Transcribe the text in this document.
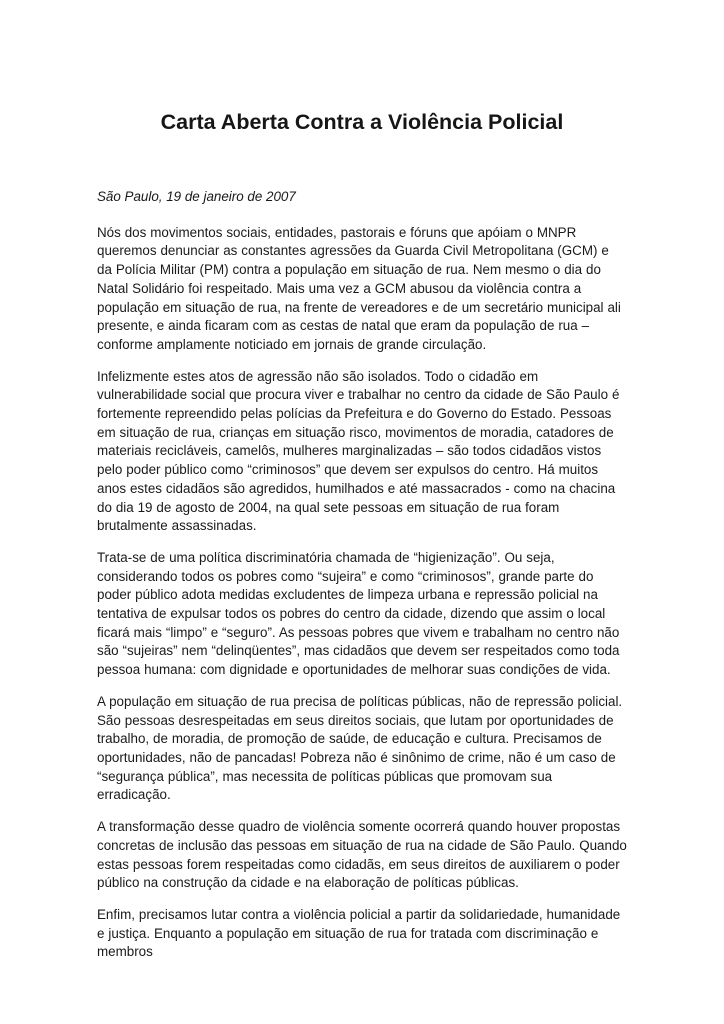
Carta Aberta Contra a Violência Policial

São Paulo, 19 de janeiro de 2007

Nós dos movimentos sociais, entidades, pastorais e fóruns que apóiam o MNPR queremos denunciar as constantes agressões da Guarda Civil Metropolitana (GCM) e da Polícia Militar (PM) contra a população em situação de rua. Nem mesmo o dia do Natal Solidário foi respeitado. Mais uma vez a GCM abusou da violência contra a população em situação de rua, na frente de vereadores e de um secretário municipal ali presente, e ainda ficaram com as cestas de natal que eram da população de rua – conforme amplamente noticiado em jornais de grande circulação.

Infelizmente estes atos de agressão não são isolados. Todo o cidadão em vulnerabilidade social que procura viver e trabalhar no centro da cidade de São Paulo é fortemente repreendido pelas polícias da Prefeitura e do Governo do Estado. Pessoas em situação de rua, crianças em situação risco, movimentos de moradia, catadores de materiais recicláveis, camelôs, mulheres marginalizadas – são todos cidadãos vistos pelo poder público como “criminosos” que devem ser expulsos do centro. Há muitos anos estes cidadãos são agredidos, humilhados e até massacrados - como na chacina do dia 19 de agosto de 2004, na qual sete pessoas em situação de rua foram brutalmente assassinadas.

Trata-se de uma política discriminatória chamada de “higienização”. Ou seja, considerando todos os pobres como “sujeira” e como “criminosos”, grande parte do poder público adota medidas excludentes de limpeza urbana e repressão policial na tentativa de expulsar todos os pobres do centro da cidade, dizendo que assim o local ficará mais “limpo” e “seguro”. As pessoas pobres que vivem e trabalham no centro não são “sujeiras” nem “delinqüentes”, mas cidadãos que devem ser respeitados como toda pessoa humana: com dignidade e oportunidades de melhorar suas condições de vida.

A população em situação de rua precisa de políticas públicas, não de repressão policial. São pessoas desrespeitadas em seus direitos sociais, que lutam por oportunidades de trabalho, de moradia, de promoção de saúde, de educação e cultura. Precisamos de oportunidades, não de pancadas! Pobreza não é sinônimo de crime, não é um caso de “segurança pública”, mas necessita de políticas públicas que promovam sua erradicação.

A transformação desse quadro de violência somente ocorrerá quando houver propostas concretas de inclusão das pessoas em situação de rua na cidade de São Paulo. Quando estas pessoas forem respeitadas como cidadãs, em seus direitos de auxiliarem o poder público na construção da cidade e na elaboração de políticas públicas.

Enfim, precisamos lutar contra a violência policial a partir da solidariedade, humanidade e justiça. Enquanto a população em situação de rua for tratada com discriminação e membros
